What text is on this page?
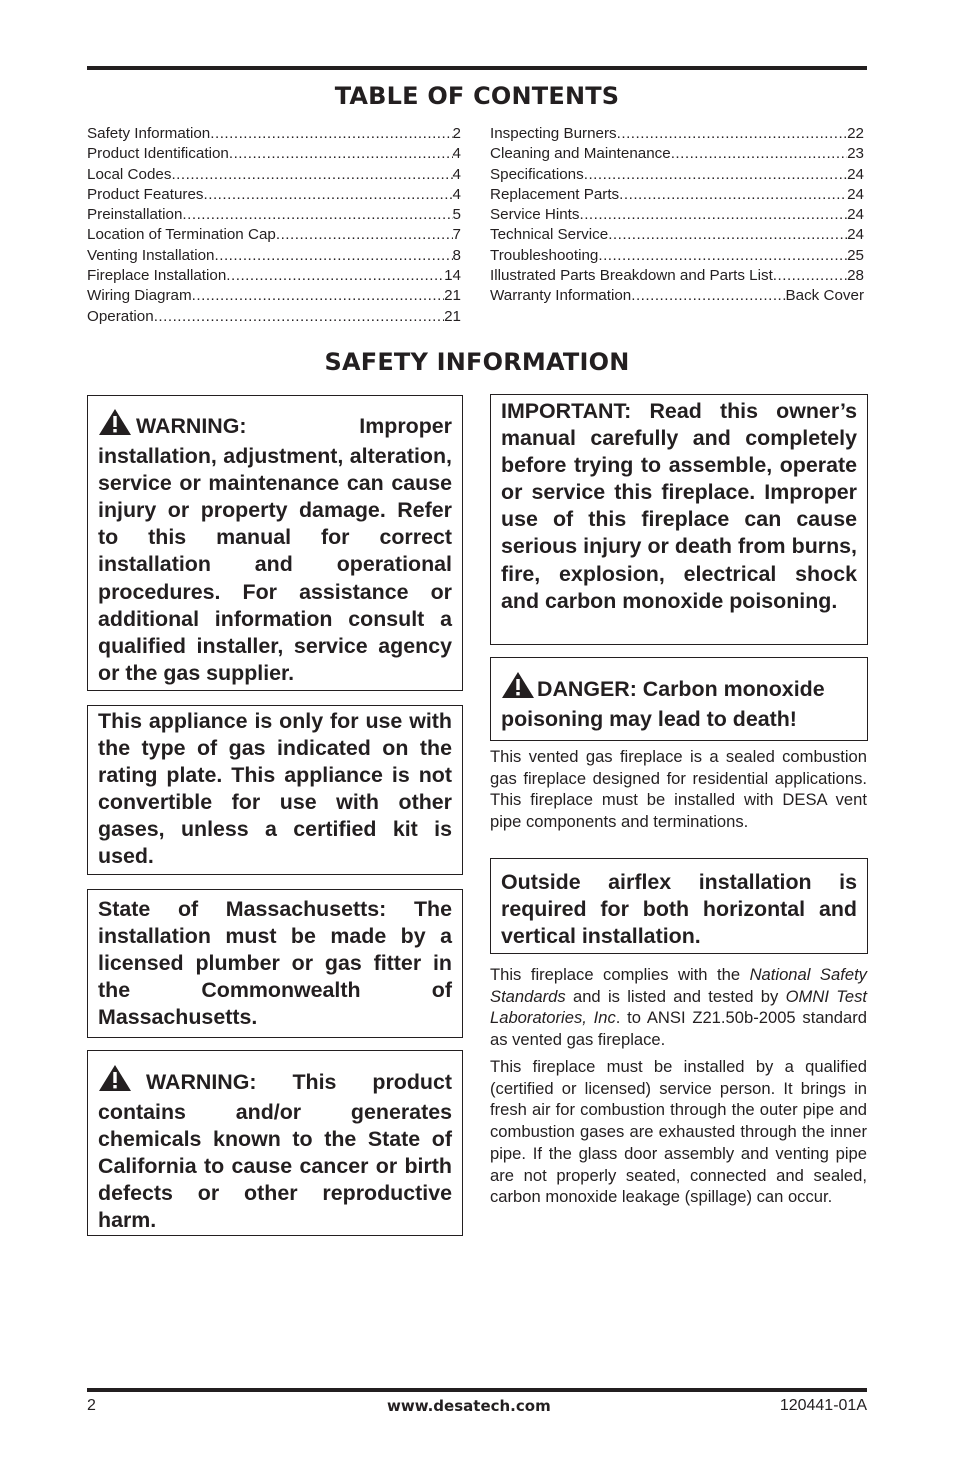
TABLE OF CONTENTS
Safety Information .....	2
Product Identification .....	4
Local Codes .....	4
Product Features .....	4
Preinstallation .....	5
Location of Termination Cap .....	7
Venting Installation .....	8
Fireplace Installation .....	14
Wiring Diagram .....	21
Operation .....	21
Inspecting Burners .....	22
Cleaning and Maintenance .....	23
Specifications .....	24
Replacement Parts .....	24
Service Hints .....	24
Technical Service .....	24
Troubleshooting .....	25
Illustrated Parts Breakdown and Parts List .....	28
Warranty Information .....	Back Cover
SAFETY INFORMATION
WARNING: Improper installation, adjustment, alteration, service or maintenance can cause injury or property damage. Refer to this manual for correct installation and operational procedures. For assistance or additional information consult a qualified installer, service agency or the gas supplier.
This appliance is only for use with the type of gas indicated on the rating plate. This appliance is not convertible for use with other gases, unless a certified kit is used.
State of Massachusetts: The installation must be made by a licensed plumber or gas fitter in the Commonwealth of Massachusetts.
WARNING: This product contains and/or generates chemicals known to the State of California to cause cancer or birth defects or other reproductive harm.
IMPORTANT: Read this owner’s manual carefully and completely before trying to assemble, operate or service this fireplace. Improper use of this fireplace can cause serious injury or death from burns, fire, explosion, electrical shock and carbon monoxide poisoning.
DANGER: Carbon monoxide poisoning may lead to death!
This vented gas fireplace is a sealed combustion gas fireplace designed for residential applications. This fireplace must be installed with DESA vent pipe components and terminations.
Outside airflex installation is required for both horizontal and vertical installation.
This fireplace complies with the National Safety Standards and is listed and tested by OMNI Test Laboratories, Inc. to ANSI Z21.50b-2005 standard as vented gas fireplace.
This fireplace must be installed by a qualified (certified or licensed) service person. It brings in fresh air for combustion through the outer pipe and combustion gases are exhausted through the inner pipe. If the glass door assembly and venting pipe are not properly seated, connected and sealed, carbon monoxide leakage (spillage) can occur.
2	www.desatech.com	120441-01A
